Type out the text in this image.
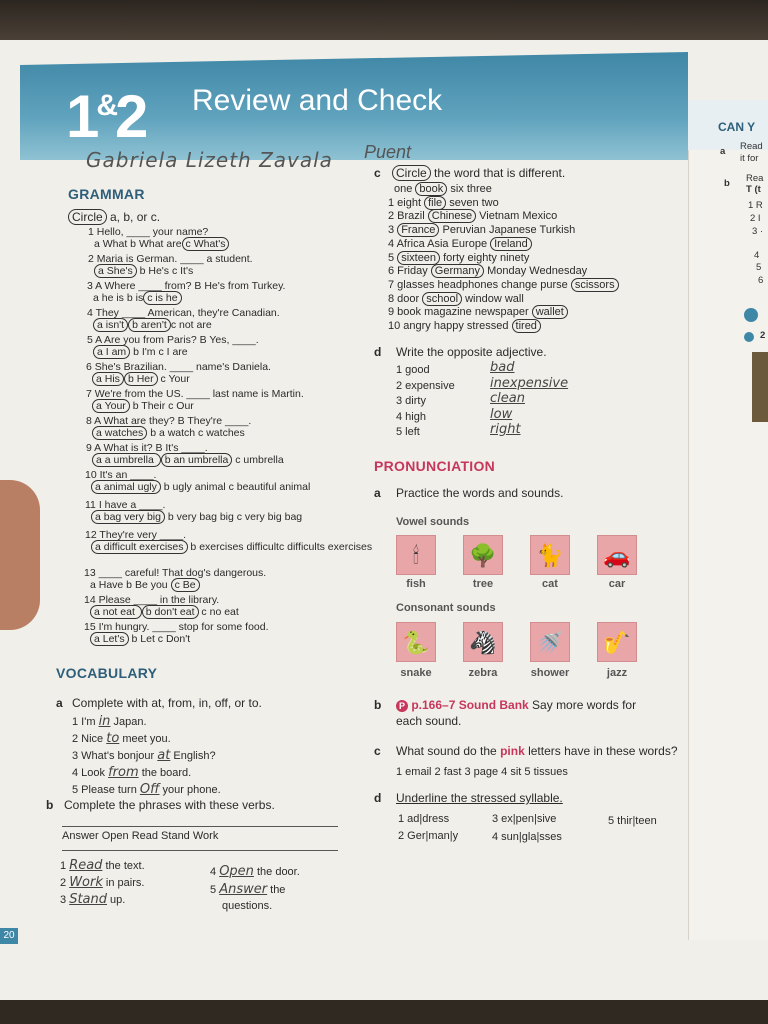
1&2 Review and Check
CAN Y
a Read
it for
b Rea
T (t
1 R
2 I
3 ·
4
5
6
2
Gabriela Lizeth Zavala Puent
GRAMMAR
Circle a, b, or c.
1 Hello, ____ your name?
a What b What are c What's
2 Maria is German. ____ a student.
a She's b He's c It's
3 A Where ____ from? B He's from Turkey.
a he is b is c is he
4 They ____ American, they're Canadian.
a isn't b aren't c not are
5 A Are you from Paris? B Yes, ____.
a I am b I'm c I are
6 She's Brazilian. ____ name's Daniela.
a His b Her c Your
7 We're from the US. ____ last name is Martin.
a Your b Their c Our
8 A What are they? B They're ____.
a watches b a watch c watches
9 A What is it? B It's ____.
a a umbrella b an umbrella c umbrella
10 It's an ____.
a animal ugly b ugly animal c beautiful animal
11 I have a ____.
a bag very big b very bag big c very big bag
12 They're very ____.
a difficult exercises b exercises difficultc difficults exercises
13 ____ careful! That dog's dangerous.
a Have b Be you c Be
14 Please ____ in the library.
a not eat b don't eat c no eat
15 I'm hungry. ____ stop for some food.
a Let's b Let c Don't
VOCABULARY
a Complete with at, from, in, off, or to.
1 I'm in Japan.
2 Nice to meet you.
3 What's bonjour at English?
4 Look from the board.
5 Please turn Off your phone.
b Complete the phrases with these verbs.
Answer Open Read Stand Work
1 Read the text.
2 Work in pairs.
3 Stand up.
4 Open the door.
5 Answer the
questions.
c	Circle the word that is different.
one book six three
1 eight file seven two
2 Brazil Chinese Vietnam Mexico
3 France Peruvian Japanese Turkish
4 Africa Asia Europe Ireland
5 sixteen forty eighty ninety
6 Friday Germany Monday Wednesday
7 glasses headphones change purse scissors
8 door school window wall
9 book magazine newspaper wallet
10 angry happy stressed tired
d Write the opposite adjective.
1 good	bad
2 expensive	inexpensive
3 dirty	clean
4 high	low
5 left	right
PRONUNCIATION
a Practice the words and sounds.
Vowel sounds
🕯
fish
🌳
tree
🐈
cat
🚗
car
Consonant sounds
🐍
snake
🦓
zebra
🚿
shower
🎷
jazz
b	P p.166–7 Sound Bank Say more words for
each sound.
c What sound do the pink letters have in these words?
1 email 2 fast 3 page 4 sit 5 tissues
d Underline the stressed syllable.
1 ad|dress	3 ex|pen|sive	5 thir|teen
2 Ger|man|y	4 sun|gla|sses
20
